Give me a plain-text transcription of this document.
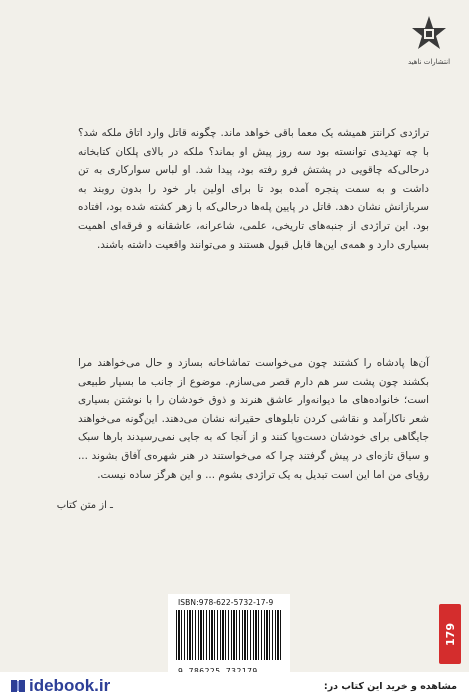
انتشارات ناهید

تراژدی کرانتز همیشه یک معما باقی خواهد ماند. چگونه قاتل وارد اتاق ملکه شد؟ با چه تهدیدی توانسته بود سه روز پیش او بماند؟ ملکه در بالای پلکان کتابخانه درحالی‌که چاقویی در پشتش فرو رفته بود، پیدا شد. او لباس سوارکاری به تن داشت و به سمت پنجره آمده بود تا برای اولین بار خود را بدون روبند به سربازانش نشان دهد. قاتل در پایین پله‌ها درحالی‌که با زهر کشته شده بود، افتاده بود. این تراژدی از جنبه‌های تاریخی، علمی، شاعرانه، عاشقانه و فرقه‌ای اهمیت بسیاری دارد و همه‌ی این‌ها قابل قبول هستند و می‌توانند واقعیت داشته باشند.

آن‌ها پادشاه را کشتند چون می‌خواست تماشاخانه بسازد و حال می‌خواهند مرا بکشند چون پشت سر هم دارم قصر می‌سازم. موضوع از جانب ما بسیار طبیعی است؛ خانواده‌های ما دیوانه‌وار عاشق هنرند و ذوق خودشان را با نوشتن بسیاری شعر ناکارآمد و نقاشی کردن تابلوهای حقیرانه نشان می‌دهند. این‌گونه می‌خواهند جایگاهی برای خودشان دست‌وپا کنند و از آنجا که به جایی نمی‌رسیدند بارها سبک و سیاق تازه‌ای در پیش گرفتند چرا که می‌خواستند در هنر شهره‌ی آفاق بشوند ... رؤیای من اما این است تبدیل به یک تراژدی بشوم ... و این هرگز ساده نیست.

ـ از متن کتاب
ISBN:978-622-5732-17-9
179
idebook.ir	مشاهده و خرید این کتاب در:
